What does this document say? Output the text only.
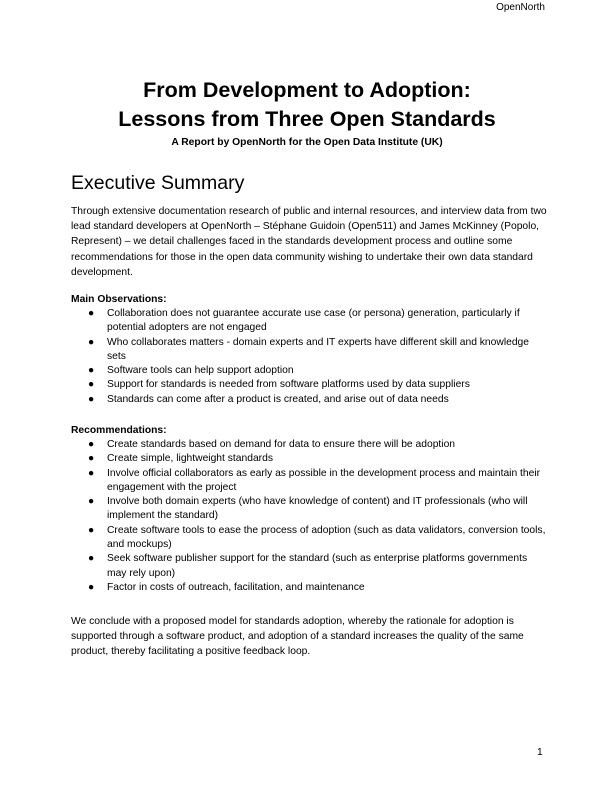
OpenNorth
From Development to Adoption:
Lessons from Three Open Standards

A Report by OpenNorth for the Open Data Institute (UK)

Executive Summary

Through extensive documentation research of public and internal resources, and interview data from two lead standard developers at OpenNorth – Stéphane Guidoin (Open511) and James McKinney (Popolo, Represent) – we detail challenges faced in the standards development process and outline some recommendations for those in the open data community wishing to undertake their own data standard development.

Main Observations:

● Collaboration does not guarantee accurate use case (or persona) generation, particularly if potential adopters are not engaged
● Who collaborates matters - domain experts and IT experts have different skill and knowledge sets
● Software tools can help support adoption
● Support for standards is needed from software platforms used by data suppliers
● Standards can come after a product is created, and arise out of data needs

Recommendations:

● Create standards based on demand for data to ensure there will be adoption
● Create simple, lightweight standards
● Involve official collaborators as early as possible in the development process and maintain their engagement with the project
● Involve both domain experts (who have knowledge of content) and IT professionals (who will implement the standard)
● Create software tools to ease the process of adoption (such as data validators, conversion tools, and mockups)
● Seek software publisher support for the standard (such as enterprise platforms governments may rely upon)
● Factor in costs of outreach, facilitation, and maintenance

We conclude with a proposed model for standards adoption, whereby the rationale for adoption is supported through a software product, and adoption of a standard increases the quality of the same product, thereby facilitating a positive feedback loop.

1
